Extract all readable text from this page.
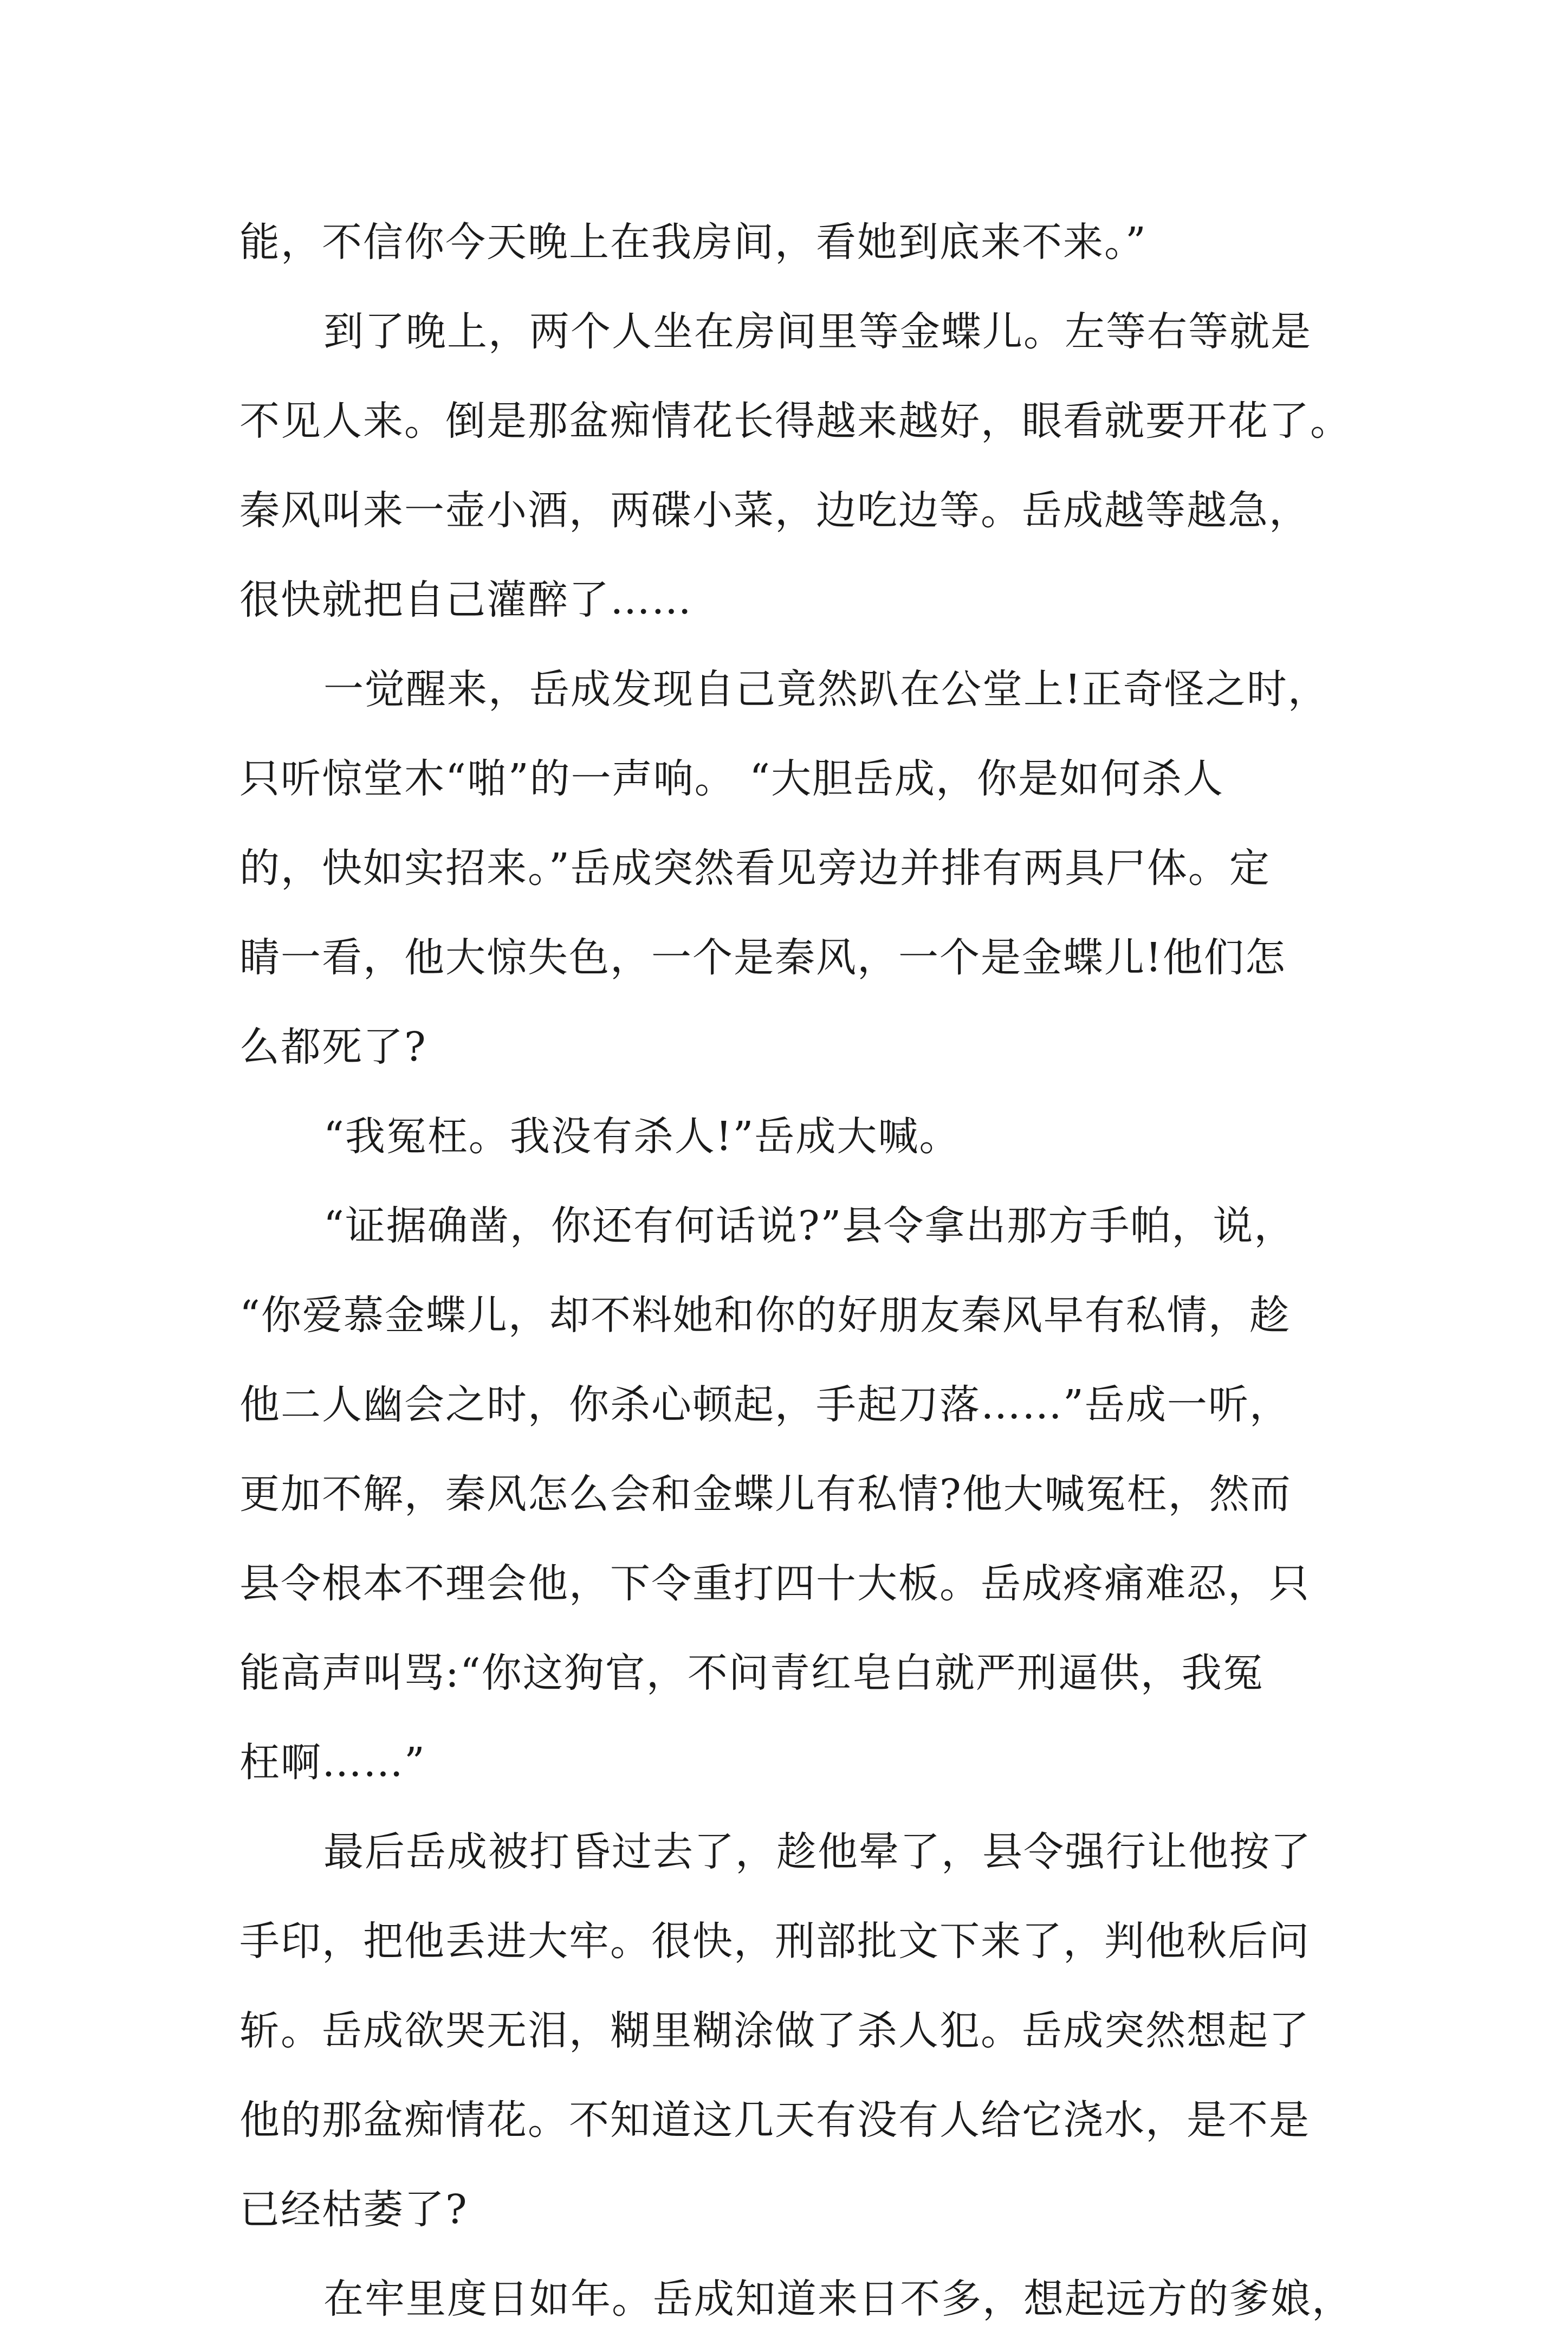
能，不信你今天晚上在我房间，看她到底来不来。”
到了晚上，两个人坐在房间里等金蝶儿。左等右等就是
不见人来。倒是那盆痴情花长得越来越好，眼看就要开花了。
秦风叫来一壶小酒，两碟小菜，边吃边等。岳成越等越急，
很快就把自己灌醉了……
一觉醒来，岳成发现自己竟然趴在公堂上!正奇怪之时，
只听惊堂木“啪”的一声响。 “大胆岳成，你是如何杀人
的，快如实招来。”岳成突然看见旁边并排有两具尸体。定
睛一看，他大惊失色，一个是秦风，一个是金蝶儿!他们怎
么都死了?
“我冤枉。我没有杀人!”岳成大喊。
“证据确凿，你还有何话说?”县令拿出那方手帕，说，
“你爱慕金蝶儿，却不料她和你的好朋友秦风早有私情，趁
他二人幽会之时，你杀心顿起，手起刀落……”岳成一听，
更加不解，秦风怎么会和金蝶儿有私情?他大喊冤枉，然而
县令根本不理会他，下令重打四十大板。岳成疼痛难忍，只
能高声叫骂:“你这狗官，不问青红皂白就严刑逼供，我冤
枉啊……”
最后岳成被打昏过去了，趁他晕了，县令强行让他按了
手印，把他丢进大牢。很快，刑部批文下来了，判他秋后问
斩。岳成欲哭无泪，糊里糊涂做了杀人犯。岳成突然想起了
他的那盆痴情花。不知道这几天有没有人给它浇水，是不是
已经枯萎了?
在牢里度日如年。岳成知道来日不多，想起远方的爹娘，
